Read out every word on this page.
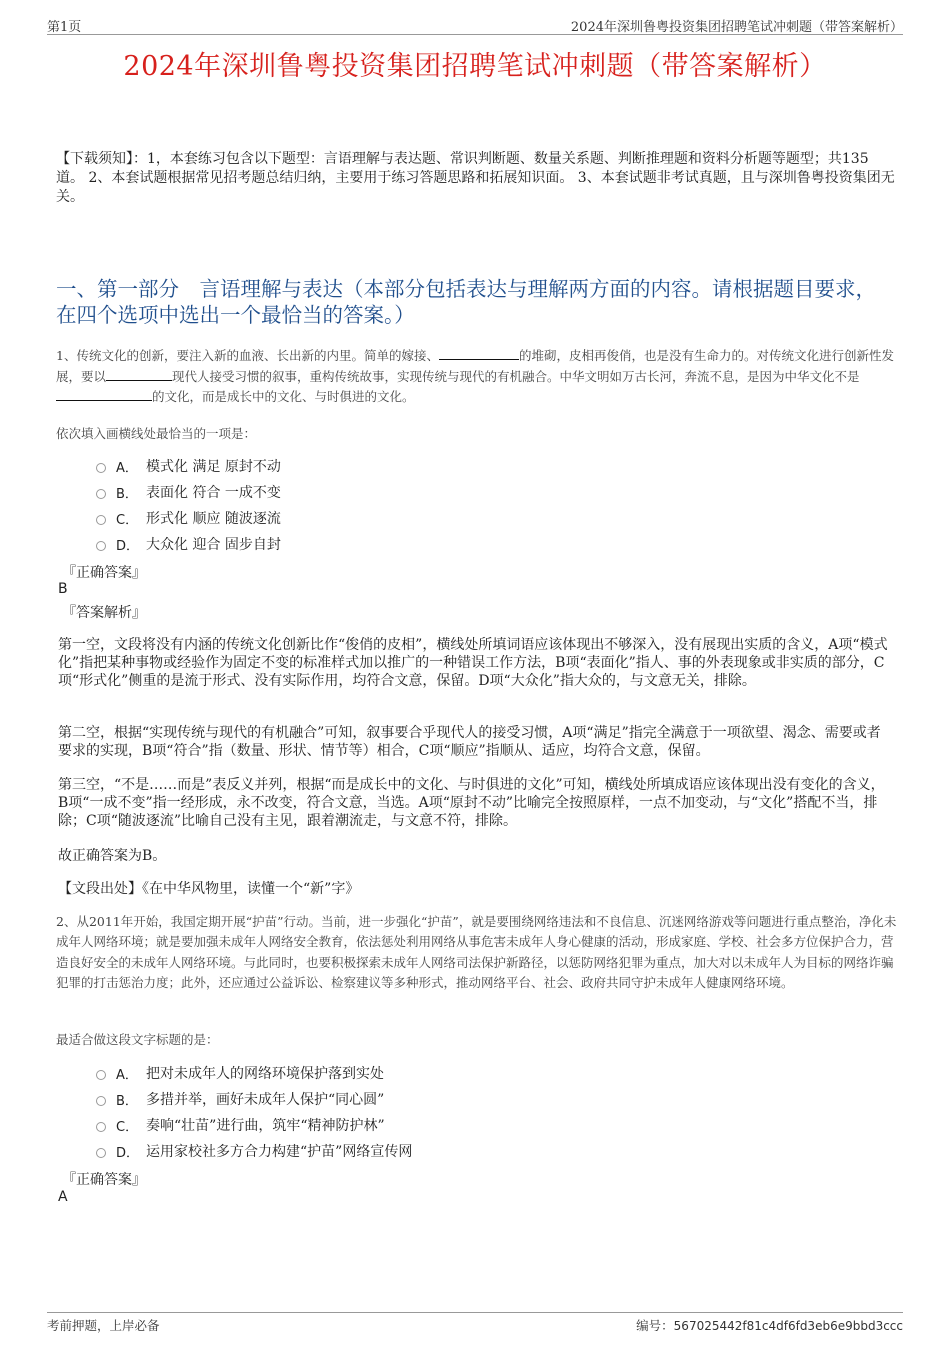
第1页	2024年深圳鲁粤投资集团招聘笔试冲刺题（带答案解析）
2024年深圳鲁粤投资集团招聘笔试冲刺题（带答案解析）
【下载须知】：1，本套练习包含以下题型：言语理解与表达题、常识判断题、数量关系题、判断推理题和资料分析题等题型；共135道。 2、本套试题根据常见招考题总结归纳，主要用于练习答题思路和拓展知识面。 3、本套试题非考试真题，且与深圳鲁粤投资集团无关。
一、第一部分　言语理解与表达（本部分包括表达与理解两方面的内容。请根据题目要求，在四个选项中选出一个最恰当的答案。）
1、传统文化的创新，要注入新的血液、长出新的内里。简单的嫁接、	的堆砌，皮相再俊俏，也是没有生命力的。对传统文化进行创新性发展，要以	现代人接受习惯的叙事，重构传统故事，实现传统与现代的有机融合。中华文明如万古长河，奔流不息，是因为中华文化不是的文化，而是成长中的文化、与时俱进的文化。
依次填入画横线处最恰当的一项是：
A． 模式化 满足 原封不动
B． 表面化 符合 一成不变
C． 形式化 顺应 随波逐流
D． 大众化 迎合 固步自封
『正确答案』
B
『答案解析』
第一空，文段将没有内涵的传统文化创新比作“俊俏的皮相”，横线处所填词语应该体现出不够深入，没有展现出实质的含义，A项“模式化”指把某种事物或经验作为固定不变的标准样式加以推广的一种错误工作方法，B项“表面化”指人、事的外表现象或非实质的部分，C项“形式化”侧重的是流于形式、没有实际作用，均符合文意，保留。D项“大众化”指大众的，与文意无关，排除。
第二空，根据“实现传统与现代的有机融合”可知，叙事要合乎现代人的接受习惯，A项“满足”指完全满意于一项欲望、渴念、需要或者要求的实现，B项“符合”指（数量、形状、情节等）相合，C项“顺应”指顺从、适应，均符合文意，保留。
第三空，“不是……而是”表反义并列，根据“而是成长中的文化、与时俱进的文化”可知，横线处所填成语应该体现出没有变化的含义，B项“一成不变”指一经形成，永不改变，符合文意，当选。A项“原封不动”比喻完全按照原样，一点不加变动，与“文化”搭配不当，排除；C项“随波逐流”比喻自己没有主见，跟着潮流走，与文意不符，排除。
故正确答案为B。
【文段出处】《在中华风物里，读懂一个“新”字》
2、从2011年开始，我国定期开展“护苗”行动。当前，进一步强化“护苗”，就是要围绕网络违法和不良信息、沉迷网络游戏等问题进行重点整治，净化未成年人网络环境；就是要加强未成年人网络安全教育，依法惩处利用网络从事危害未成年人身心健康的活动，形成家庭、学校、社会多方位保护合力，营造良好安全的未成年人网络环境。与此同时，也要积极探索未成年人网络司法保护新路径，以惩防网络犯罪为重点，加大对以未成年人为目标的网络诈骗犯罪的打击惩治力度；此外，还应通过公益诉讼、检察建议等多种形式，推动网络平台、社会、政府共同守护未成年人健康网络环境。
最适合做这段文字标题的是：
A． 把对未成年人的网络环境保护落到实处
B． 多措并举，画好未成年人保护“同心圆”
C． 奏响“壮苗”进行曲，筑牢“精神防护林”
D． 运用家校社多方合力构建“护苗”网络宣传网
『正确答案』
A
考前押题，上岸必备	编号：567025442f81c4df6fd3eb6e9bbd3ccc
